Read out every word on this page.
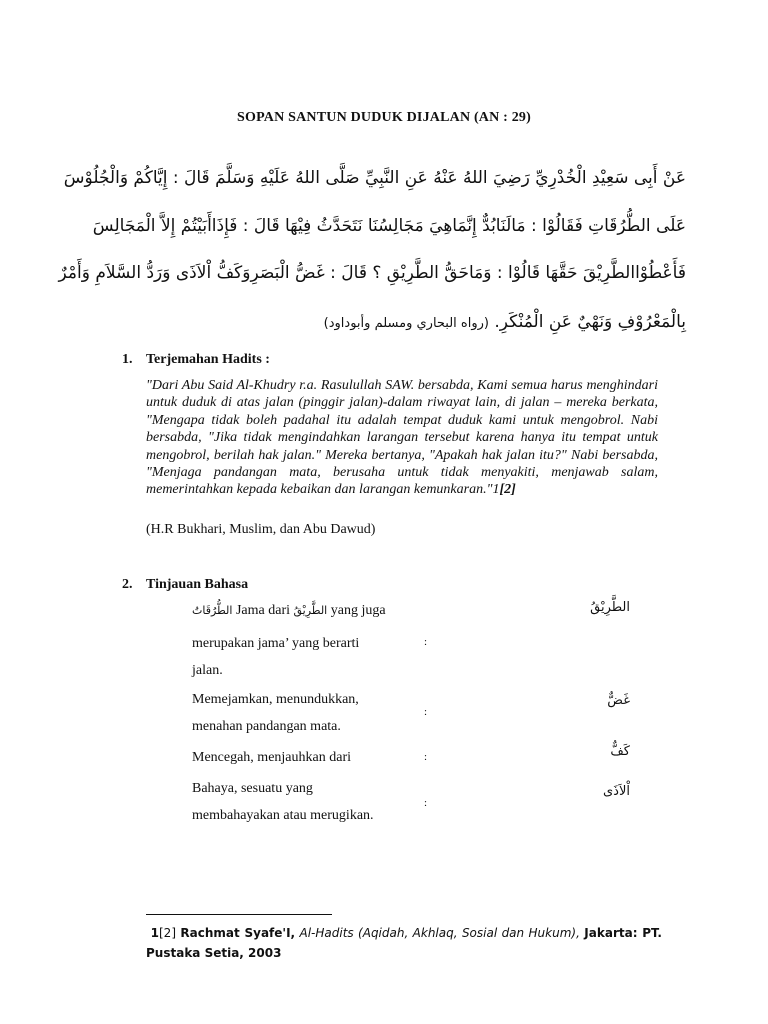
SOPAN SANTUN DUDUK DIJALAN (AN : 29)
عَنْ أَبِى سَعِيْدِ الْخُدْرِيِّ رَضِيَ اللهُ عَنْهُ عَنِ النَّبِيِّ صَلَّى اللهُ عَلَيْهِ وَسَلَّمَ قَالَ : إِيَّاكُمْ وَالْجُلُوْسَ
عَلَى الطُّرُقَاتِ فَقَالُوْا : مَالَنَابُدٌّ إِنَّمَاهِيَ مَجَالِسُنَا نَتَحَدَّثُ فِيْهَا قَالَ : فَإِذَاأَبَيْتُمْ إِلاَّ الْمَجَالِسَ
فَأَعْطُوْاالطَّرِيْقَ حَقَّهَا قَالُوْا : وَمَاحَقُّ الطَّرِيْقِ ؟ قَالَ : غَضُّ الْبَصَرِوَكَفُّ اْلاَذَى وَرَدُّ السَّلاَمِ وَأَمْرٌ
بِالْمَعْرُوْفِ وَنَهْيٌ عَنِ الْمُنْكَرِ. (رواه البحاري ومسلم وأبوداود)
1. Terjemahan Hadits :
"Dari Abu Said Al-Khudry r.a. Rasulullah SAW. bersabda, Kami semua harus menghindari untuk duduk di atas jalan (pinggir jalan)-dalam riwayat lain, di jalan – mereka berkata, "Mengapa tidak boleh padahal itu adalah tempat duduk kami untuk mengobrol. Nabi bersabda, "Jika tidak mengindahkan larangan tersebut karena hanya itu tempat untuk mengobrol, berilah hak jalan." Mereka bertanya, "Apakah hak jalan itu?" Nabi bersabda, "Menjaga pandangan mata, berusaha untuk tidak menyakiti, menjawab salam, memerintahkan kepada kebaikan dan larangan kemunkaran."1[2]
(H.R Bukhari, Muslim, dan Abu Dawud)
2. Tinjauan Bahasa
الطُّرُقَاتُ Jama dari الطَّرِيْقُ yang juga
merupakan jama’ yang berarti
jalan.
:
الطَّرِيْقُ
Memejamkan, menundukkan,
menahan pandangan mata.
:
غَضٌّ
Mencegah, menjauhkan dari	:	كَفٌّ
Bahaya, sesuatu yang
membahayakan atau merugikan.
:
اْلاَذَى
1[2] Rachmat Syafe'I, Al-Hadits (Aqidah, Akhlaq, Sosial dan Hukum), Jakarta: PT. Pustaka Setia, 2003
